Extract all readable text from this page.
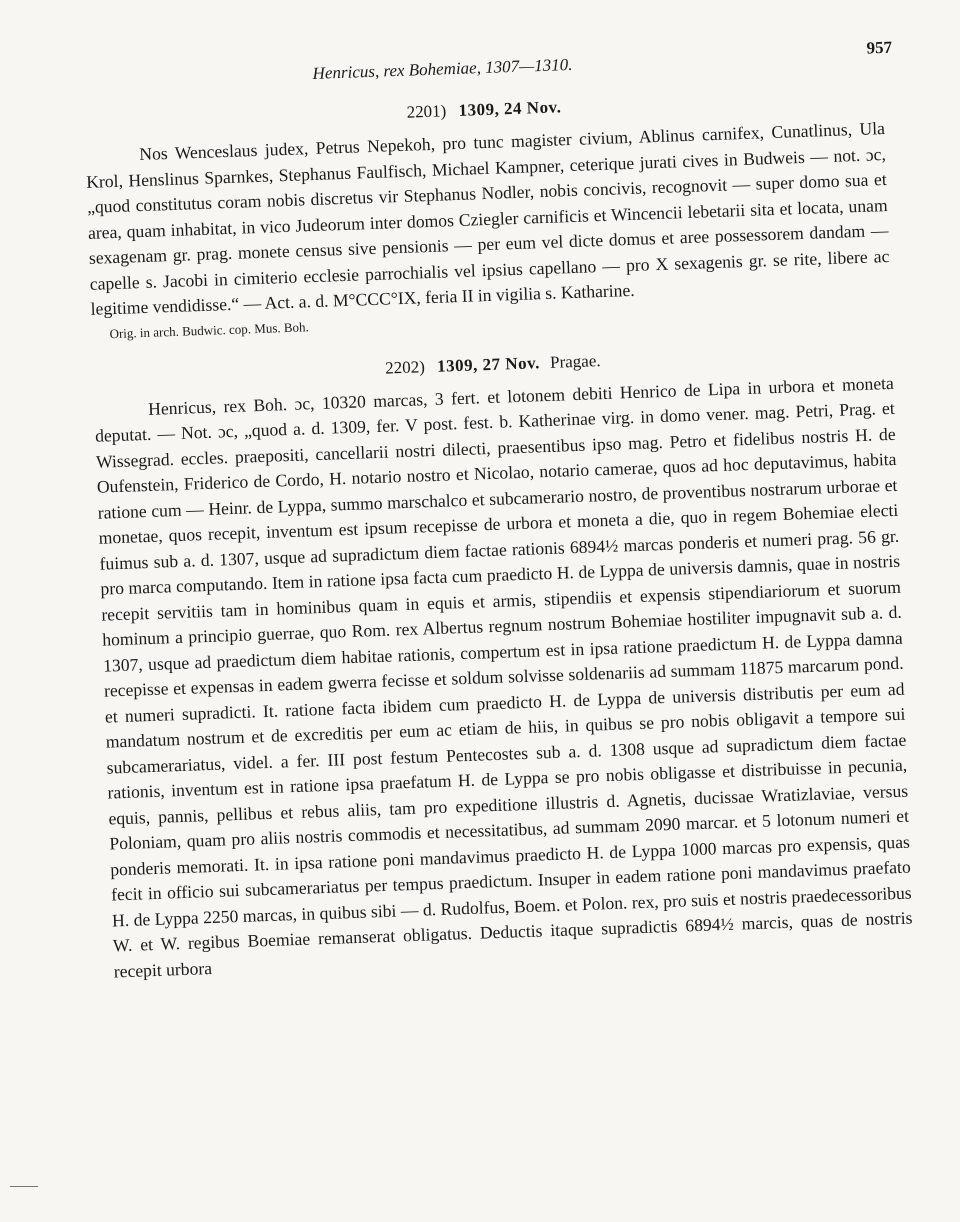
Henricus, rex Bohemiae, 1307—1310.
957
2201) 1309, 24 Nov.

Nos Wenceslaus judex, Petrus Nepekoh, pro tunc magister civium, Ablinus carnifex, Cunatlinus, Ula Krol, Henslinus Sparnkes, Stephanus Faulfisch, Michael Kampner, ceterique jurati cives in Budweis — not. ɔc, „quod constitutus coram nobis discretus vir Stephanus Nodler, nobis concivis, recognovit — super domo sua et area, quam inhabitat, in vico Judeorum inter domos Cziegler carnificis et Wincencii lebetarii sita et locata, unam sexagenam gr. prag. monete census sive pensionis — per eum vel dicte domus et aree possessorem dandam — capelle s. Jacobi in cimiterio ecclesie parrochialis vel ipsius capellano — pro X sexagenis gr. se rite, libere ac legitime vendidisse.“ — Act. a. d. M°CCC°IX, feria II in vigilia s. Katharine.

Orig. in arch. Budwic. cop. Mus. Boh.
2202) 1309, 27 Nov. Pragae.

Henricus, rex Boh. ɔc, 10320 marcas, 3 fert. et lotonem debiti Henrico de Lipa in urbora et moneta deputat. — Not. ɔc, „quod a. d. 1309, fer. V post. fest. b. Katherinae virg. in domo vener. mag. Petri, Prag. et Wissegrad. eccles. praepositi, cancellarii nostri dilecti, praesentibus ipso mag. Petro et fidelibus nostris H. de Oufenstein, Friderico de Cordo, H. notario nostro et Nicolao, notario camerae, quos ad hoc deputavimus, habita ratione cum — Heinr. de Lyppa, summo marschalco et subcamerario nostro, de proventibus nostrarum urborae et monetae, quos recepit, inventum est ipsum recepisse de urbora et moneta a die, quo in regem Bohemiae electi fuimus sub a. d. 1307, usque ad supradictum diem factae rationis 6894½ marcas ponderis et numeri prag. 56 gr. pro marca computando. Item in ratione ipsa facta cum praedicto H. de Lyppa de universis damnis, quae in nostris recepit servitiis tam in hominibus quam in equis et armis, stipendiis et expensis stipendiariorum et suorum hominum a principio guerrae, quo Rom. rex Albertus regnum nostrum Bohemiae hostiliter impugnavit sub a. d. 1307, usque ad praedictum diem habitae rationis, compertum est in ipsa ratione praedictum H. de Lyppa damna recepisse et expensas in eadem gwerra fecisse et soldum solvisse soldenariis ad summam 11875 marcarum pond. et numeri supradicti. It. ratione facta ibidem cum praedicto H. de Lyppa de universis distributis per eum ad mandatum nostrum et de excreditis per eum ac etiam de hiis, in quibus se pro nobis obligavit a tempore sui subcamerariatus, videl. a fer. III post festum Pentecostes sub a. d. 1308 usque ad supradictum diem factae rationis, inventum est in ratione ipsa praefatum H. de Lyppa se pro nobis obligasse et distribuisse in pecunia, equis, pannis, pellibus et rebus aliis, tam pro expeditione illustris d. Agnetis, ducissae Wratizlaviae, versus Poloniam, quam pro aliis nostris commodis et necessitatibus, ad summam 2090 marcar. et 5 lotonum numeri et ponderis memorati. It. in ipsa ratione poni mandavimus praedicto H. de Lyppa 1000 marcas pro expensis, quas fecit in officio sui subcamerariatus per tempus praedictum. Insuper in eadem ratione poni mandavimus praefato H. de Lyppa 2250 marcas, in quibus sibi — d. Rudolfus, Boem. et Polon. rex, pro suis et nostris praedecessoribus W. et W. regibus Boemiae remanserat obligatus. Deductis itaque supradictis 6894½ marcis, quas de nostris recepit urbora
